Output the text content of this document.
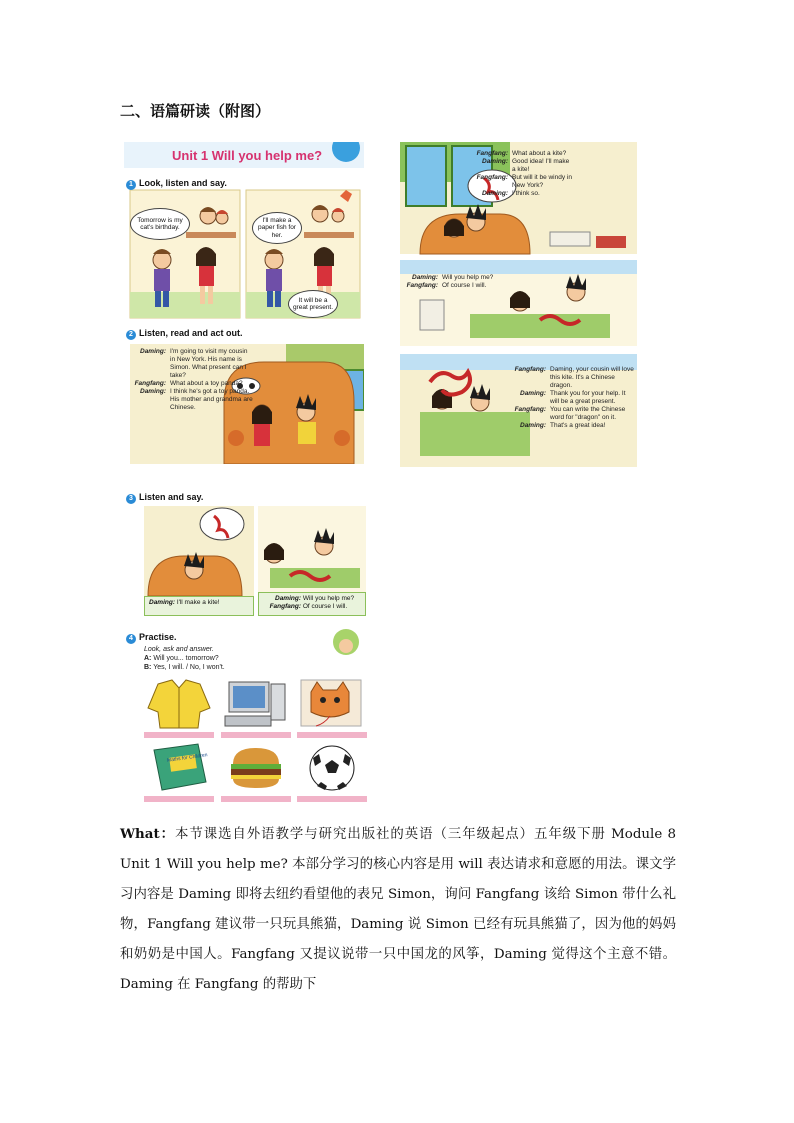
二、语篇研读（附图）
Unit 1 Will you help me?
1 Look, listen and say.
Tomorrow is my cat's birthday.
I'll make a paper fish for her.
It will be a great present.
2 Listen, read and act out.
Daming: I'm going to visit my cousin in New York. His name is Simon. What present can I take?
Fangfang: What about a toy panda?
Daming: I think he's got a toy panda. His mother and grandma are Chinese.
Fangfang: What about a kite?
Daming: Good idea! I'll make a kite!
Fangfang: But will it be windy in New York?
Daming: I think so.
Daming: Will you help me?
Fangfang: Of course I will.
Fangfang: Daming, your cousin will love this kite. It's a Chinese dragon.
Daming: Thank you for your help. It will be a great present.
Fangfang: You can write the Chinese word for "dragon" on it.
Daming: That's a great idea!
3 Listen and say.
Daming: I'll make a kite!
Daming: Will you help me?
Fangfang: Of course I will.
4 Practise.
Look, ask and answer.
A: Will you... tomorrow?
B: Yes, I will. / No, I won't.
Maths for Children
What：本节课选自外语教学与研究出版社的英语（三年级起点）五年级下册 Module 8 Unit 1 Will you help me? 本部分学习的核心内容是用 will 表达请求和意愿的用法。课文学习内容是 Daming 即将去纽约看望他的表兄 Simon，询问 Fangfang 该给 Simon 带什么礼物，Fangfang 建议带一只玩具熊猫，Daming 说 Simon 已经有玩具熊猫了，因为他的妈妈和奶奶是中国人。Fangfang 又提议说带一只中国龙的风筝，Daming 觉得这个主意不错。Daming 在 Fangfang 的帮助下
